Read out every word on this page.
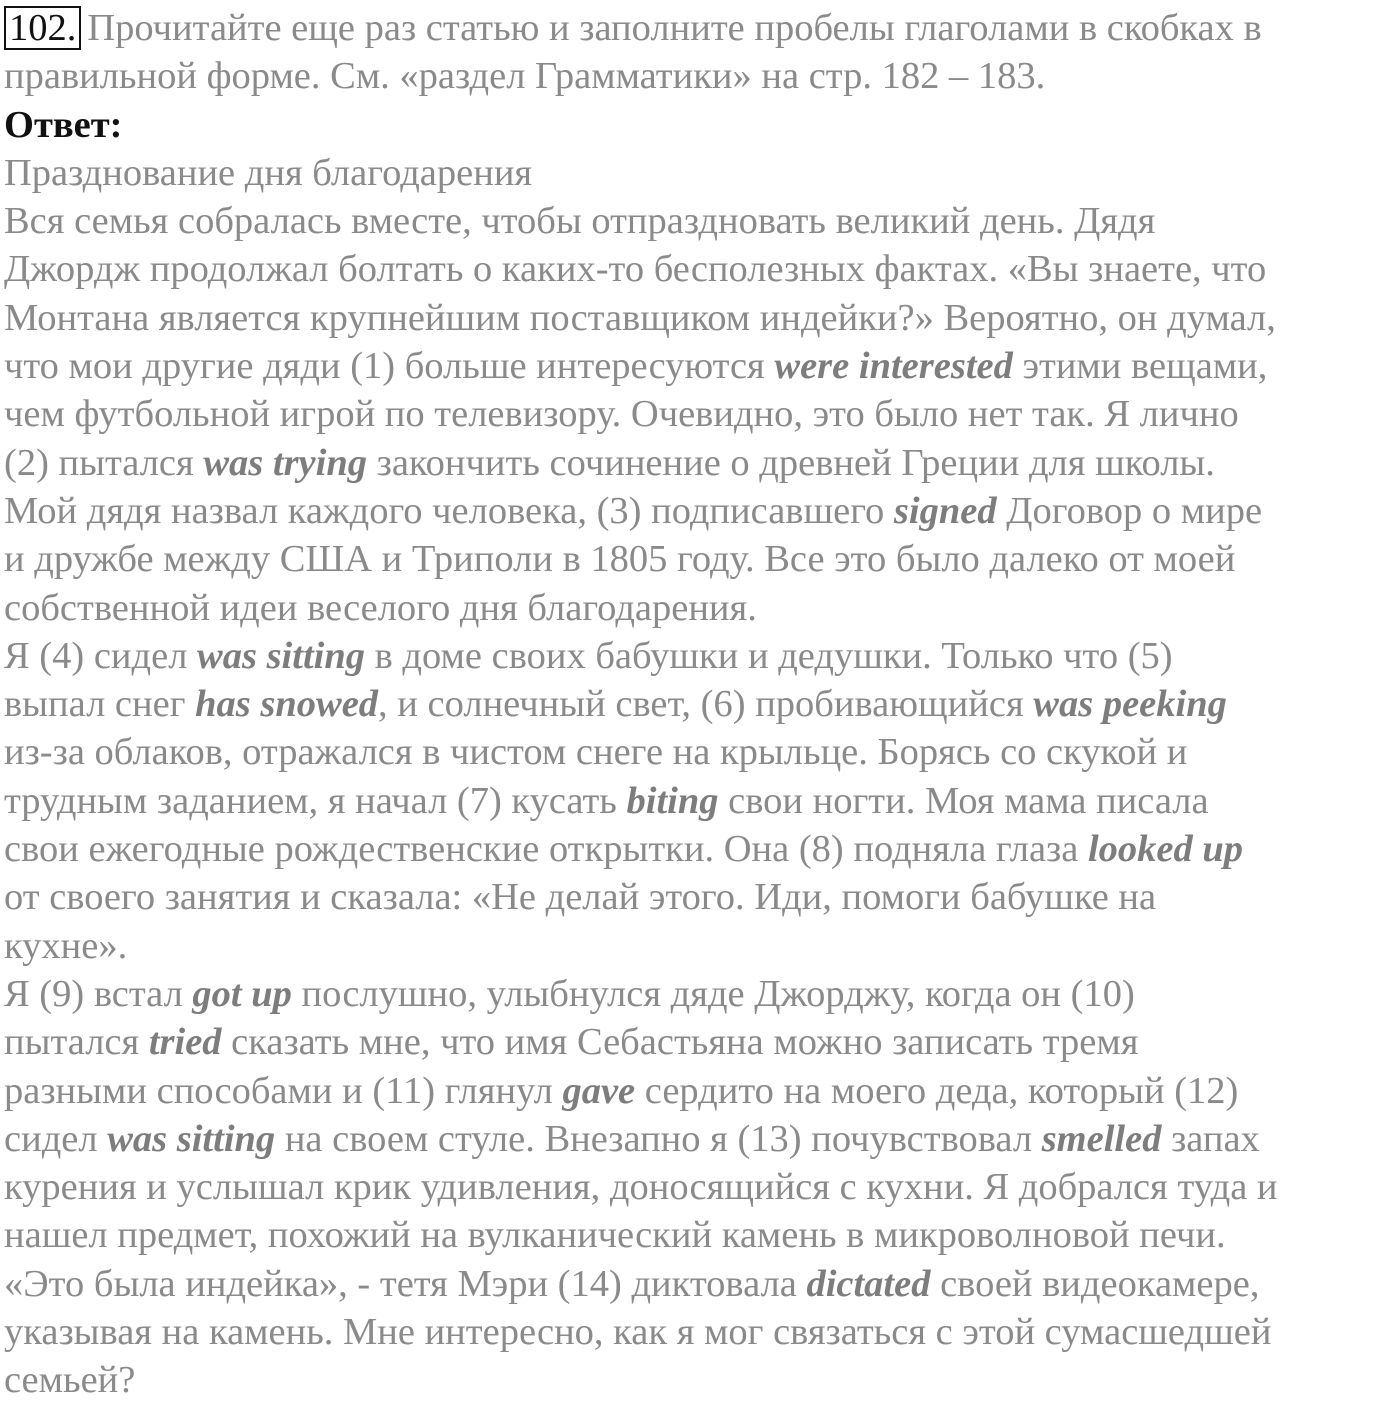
102. Прочитайте еще раз статью и заполните пробелы глаголами в скобках в
правильной форме. См. «раздел Грамматики» на стр. 182 – 183.

Ответ:

Празднование дня благодарения

Вся семья собралась вместе, чтобы отпраздновать великий день. Дядя
Джордж продолжал болтать о каких-то бесполезных фактах. «Вы знаете, что
Монтана является крупнейшим поставщиком индейки?» Вероятно, он думал,
что мои другие дяди (1) больше интересуются were interested этими вещами,
чем футбольной игрой по телевизору. Очевидно, это было нет так. Я лично
(2) пытался was trying закончить сочинение о древней Греции для школы.
Мой дядя назвал каждого человека, (3) подписавшего signed Договор о мире
и дружбе между США и Триполи в 1805 году. Все это было далеко от моей
собственной идеи веселого дня благодарения.

Я (4) сидел was sitting в доме своих бабушки и дедушки. Только что (5)
выпал снег has snowed, и солнечный свет, (6) пробивающийся was peeking
из-за облаков, отражался в чистом снеге на крыльце. Борясь со скукой и
трудным заданием, я начал (7) кусать biting свои ногти. Моя мама писала
свои ежегодные рождественские открытки. Она (8) подняла глаза looked up
от своего занятия и сказала: «Не делай этого. Иди, помоги бабушке на
кухне».

Я (9) встал got up послушно, улыбнулся дяде Джорджу, когда он (10)
пытался tried сказать мне, что имя Себастьяна можно записать тремя
разными способами и (11) глянул gave сердито на моего деда, который (12)
сидел was sitting на своем стуле. Внезапно я (13) почувствовал smelled запах
курения и услышал крик удивления, доносящийся с кухни. Я добрался туда и
нашел предмет, похожий на вулканический камень в микроволновой печи.

«Это была индейка», - тетя Мэри (14) диктовала dictated своей видеокамере,
указывая на камень. Мне интересно, как я мог связаться с этой сумасшедшей
семьей?
